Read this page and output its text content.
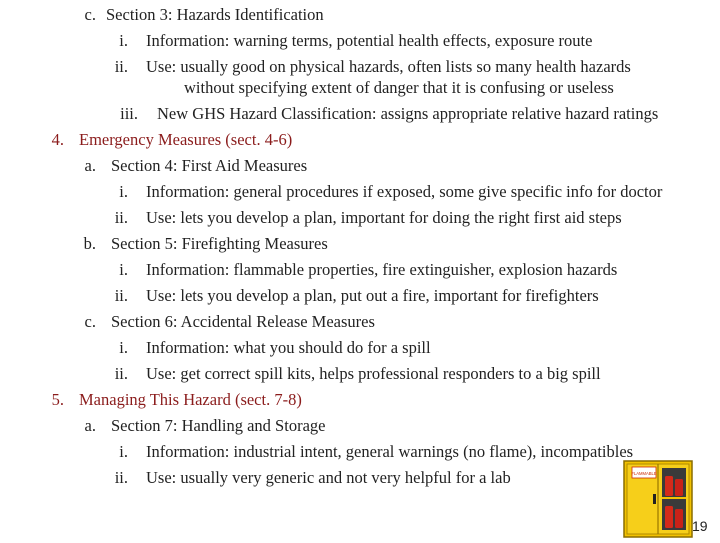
c. Section 3: Hazards Identification
i. Information: warning terms, potential health effects, exposure route
ii. Use: usually good on physical hazards, often lists so many health hazards
without specifying extent of danger that it is confusing or useless
iii. New GHS Hazard Classification: assigns appropriate relative hazard ratings
4. Emergency Measures (sect. 4-6)
a. Section 4: First Aid Measures
i. Information: general procedures if exposed, some give specific info for doctor
ii. Use: lets you develop a plan, important for doing the right first aid steps
b. Section 5: Firefighting Measures
i. Information: flammable properties, fire extinguisher, explosion hazards
ii. Use: lets you develop a plan, put out a fire, important for firefighters
c. Section 6: Accidental Release Measures
i. Information: what you should do for a spill
ii. Use: get correct spill kits, helps professional responders to a big spill
5. Managing This Hazard (sect. 7-8)
a. Section 7: Handling and Storage
i. Information: industrial intent, general warnings (no flame), incompatibles
ii. Use: usually very generic and not very helpful for a lab	FLAMMABLE
19
